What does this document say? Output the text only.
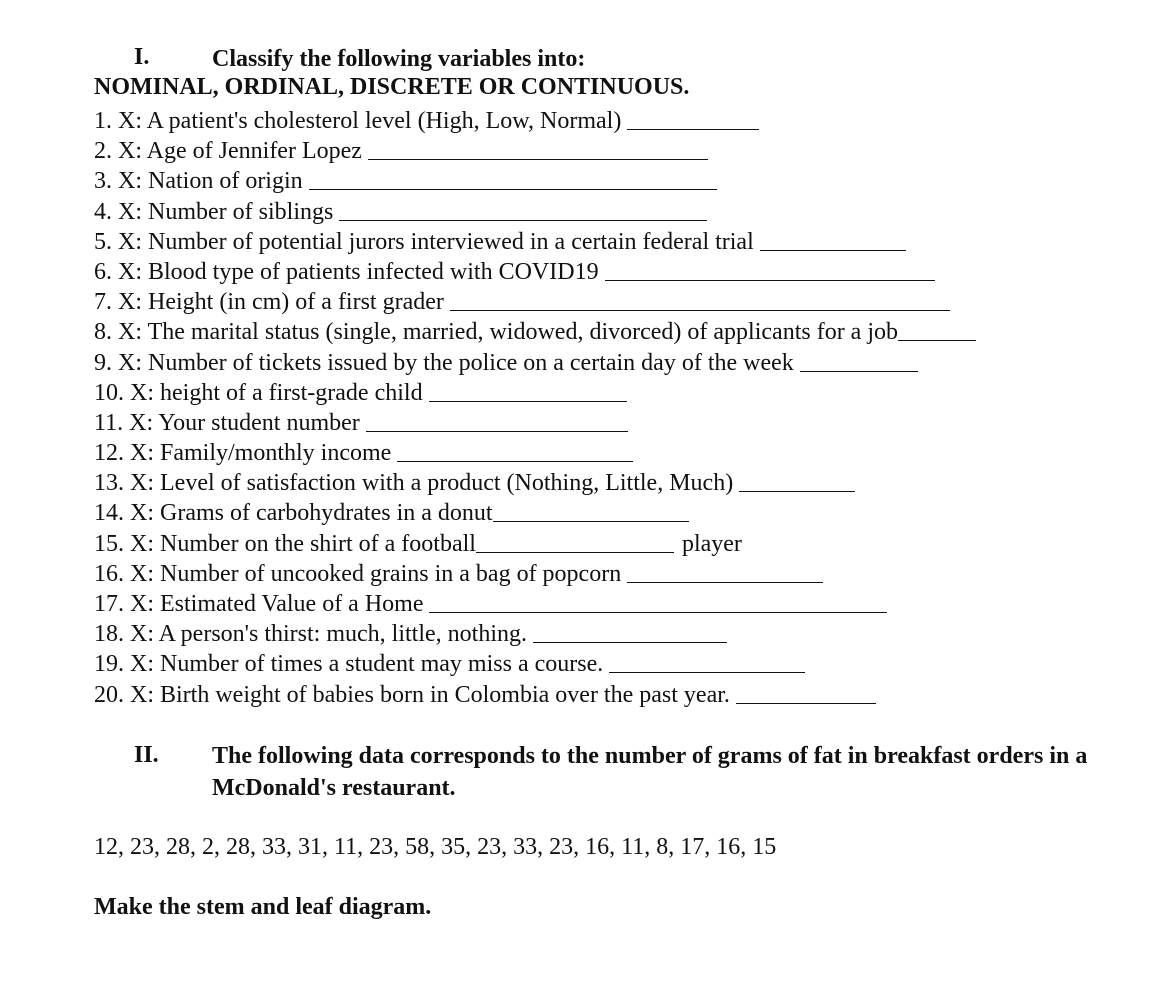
I.	Classify the following variables into:
NOMINAL, ORDINAL, DISCRETE OR CONTINUOUS.
1. X: A patient's cholesterol level (High, Low, Normal)
2. X: Age of Jennifer Lopez
3. X: Nation of origin
4. X: Number of siblings
5. X: Number of potential jurors interviewed in a certain federal trial
6. X: Blood type of patients infected with COVID19
7. X: Height (in cm) of a first grader
8. X: The marital status (single, married, widowed, divorced) of applicants for a job
9. X: Number of tickets issued by the police on a certain day of the week
10. X: height of a first-grade child
11. X: Your student number
12. X: Family/monthly income
13. X: Level of satisfaction with a product (Nothing, Little, Much)
14. X: Grams of carbohydrates in a donut
15. X: Number on the shirt of a football	player
16. X: Number of uncooked grains in a bag of popcorn
17. X: Estimated Value of a Home
18. X: A person's thirst: much, little, nothing.
19. X: Number of times a student may miss a course.
20. X: Birth weight of babies born in Colombia over the past year.
II. The following data corresponds to the number of grams of fat in breakfast orders in a McDonald's restaurant.
12, 23, 28, 2, 28, 33, 31, 11, 23, 58, 35, 23, 33, 23, 16, 11, 8, 17, 16, 15
Make the stem and leaf diagram.
